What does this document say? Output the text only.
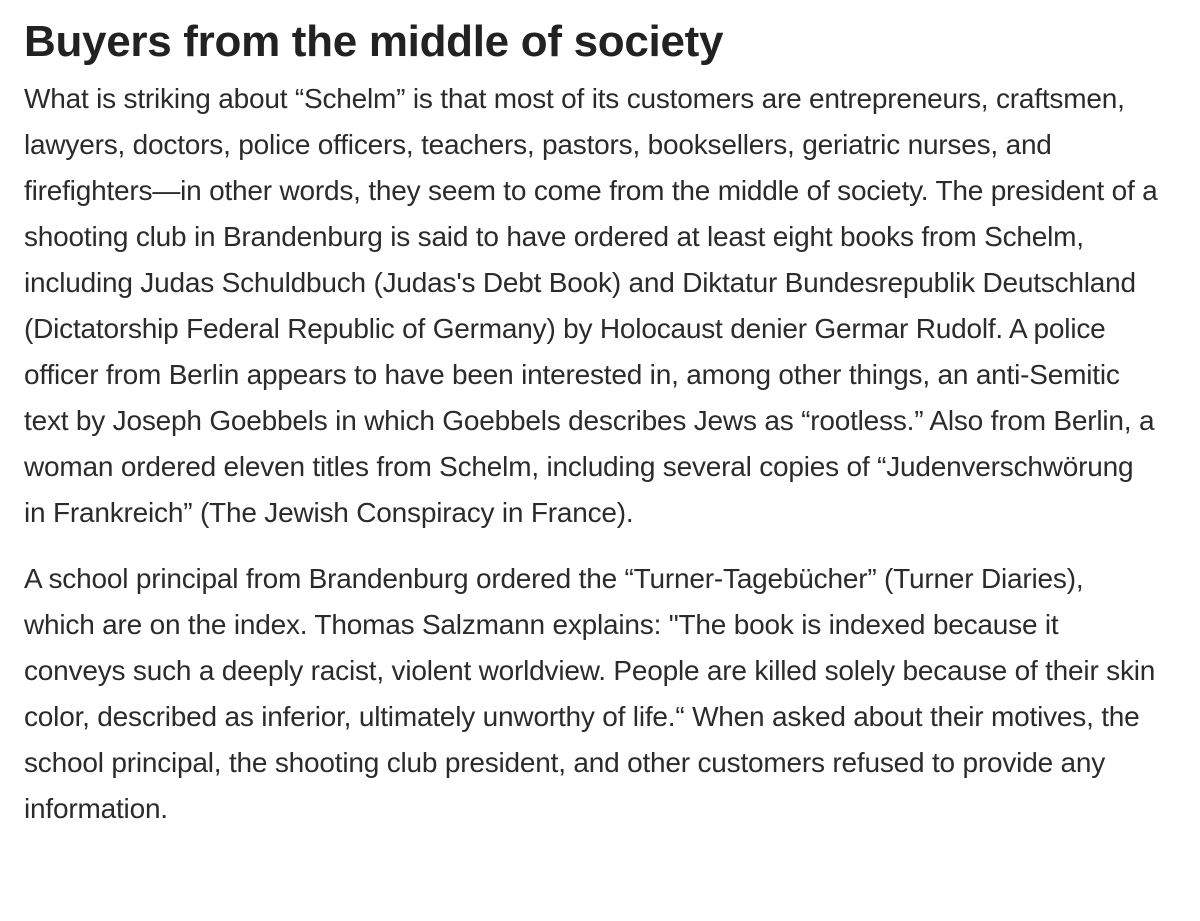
Buyers from the middle of society

What is striking about “Schelm” is that most of its customers are entrepreneurs, craftsmen, lawyers, doctors, police officers, teachers, pastors, booksellers, geriatric nurses, and firefighters—in other words, they seem to come from the middle of society. The president of a shooting club in Brandenburg is said to have ordered at least eight books from Schelm, including Judas Schuldbuch (Judas's Debt Book) and Diktatur Bundesrepublik Deutschland (Dictatorship Federal Republic of Germany) by Holocaust denier Germar Rudolf. A police officer from Berlin appears to have been interested in, among other things, an anti-Semitic text by Joseph Goebbels in which Goebbels describes Jews as “rootless.” Also from Berlin, a woman ordered eleven titles from Schelm, including several copies of “Judenverschwörung in Frankreich” (The Jewish Conspiracy in France).

A school principal from Brandenburg ordered the “Turner-Tagebücher” (Turner Diaries), which are on the index. Thomas Salzmann explains: "The book is indexed because it conveys such a deeply racist, violent worldview. People are killed solely because of their skin color, described as inferior, ultimately unworthy of life.“ When asked about their motives, the school principal, the shooting club president, and other customers refused to provide any information.
